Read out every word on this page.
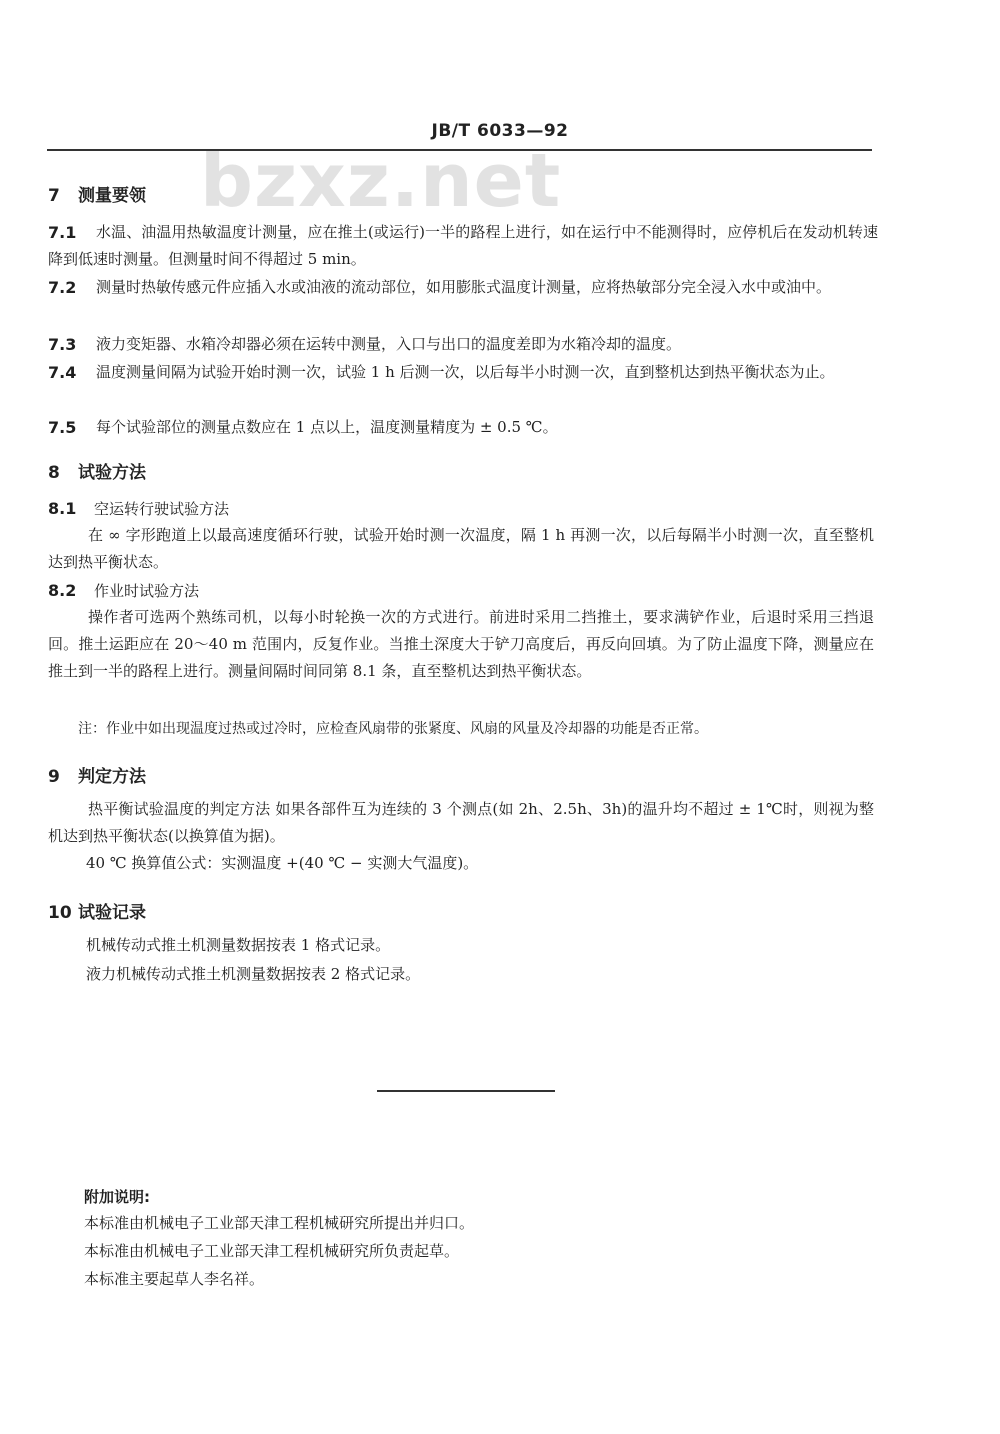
bzxz.net
JB/T 6033—92
7 测量要领
7.1	水温、油温用热敏温度计测量，应在推土(或运行)一半的路程上进行，如在运行中不能测得时，应停机后在发动机转速降到低速时测量。但测量时间不得超过 5 min。
7.2	测量时热敏传感元件应插入水或油液的流动部位，如用膨胀式温度计测量，应将热敏部分完全浸入水中或油中。
7.3	液力变矩器、水箱冷却器必须在运转中测量，入口与出口的温度差即为水箱冷却的温度。
7.4	温度测量间隔为试验开始时测一次，试验 1 h 后测一次，以后每半小时测一次，直到整机达到热平衡状态为止。
7.5	每个试验部位的测量点数应在 1 点以上，温度测量精度为 ± 0.5 ℃。
8 试验方法
8.1 空运转行驶试验方法
在 ∞ 字形跑道上以最高速度循环行驶，试验开始时测一次温度，隔 1 h 再测一次，以后每隔半小时测一次，直至整机达到热平衡状态。
8.2 作业时试验方法
操作者可选两个熟练司机，以每小时轮换一次的方式进行。前进时采用二挡推土，要求满铲作业，后退时采用三挡退回。推土运距应在 20～40 m 范围内，反复作业。当推土深度大于铲刀高度后，再反向回填。为了防止温度下降，测量应在推土到一半的路程上进行。测量间隔时间同第 8.1 条，直至整机达到热平衡状态。
注：作业中如出现温度过热或过冷时，应检查风扇带的张紧度、风扇的风量及冷却器的功能是否正常。
9 判定方法
热平衡试验温度的判定方法 如果各部件互为连续的 3 个测点(如 2h、2.5h、3h)的温升均不超过 ± 1℃时，则视为整机达到热平衡状态(以换算值为据)。
40 ℃ 换算值公式：实测温度 +(40 ℃ − 实测大气温度)。
10 试验记录
机械传动式推土机测量数据按表 1 格式记录。
液力机械传动式推土机测量数据按表 2 格式记录。
附加说明:
本标准由机械电子工业部天津工程机械研究所提出并归口。
本标准由机械电子工业部天津工程机械研究所负责起草。
本标准主要起草人李名祥。
